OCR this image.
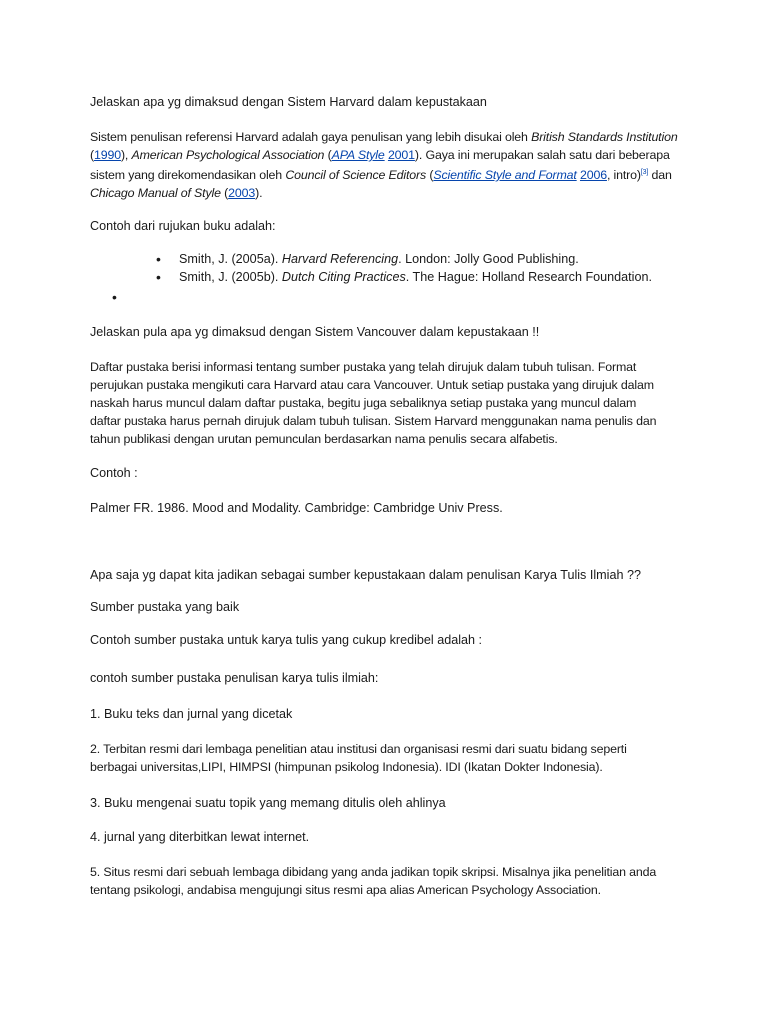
Jelaskan apa yg dimaksud dengan Sistem Harvard dalam kepustakaan

Sistem penulisan referensi Harvard adalah gaya penulisan yang lebih disukai oleh British Standards Institution (1990), American Psychological Association (APA Style 2001). Gaya ini merupakan salah satu dari beberapa sistem yang direkomendasikan oleh Council of Science Editors (Scientific Style and Format 2006, intro)[3] dan Chicago Manual of Style (2003).

Contoh dari rujukan buku adalah:

• Smith, J. (2005a). Harvard Referencing. London: Jolly Good Publishing.
• Smith, J. (2005b). Dutch Citing Practices. The Hague: Holland Research Foundation.
•

Jelaskan pula apa yg dimaksud dengan Sistem Vancouver dalam kepustakaan !!

Daftar pustaka berisi informasi tentang sumber pustaka yang telah dirujuk dalam tubuh tulisan. Format perujukan pustaka mengikuti cara Harvard atau cara Vancouver. Untuk setiap pustaka yang dirujuk dalam naskah harus muncul dalam daftar pustaka, begitu juga sebaliknya setiap pustaka yang muncul dalam daftar pustaka harus pernah dirujuk dalam tubuh tulisan. Sistem Harvard menggunakan nama penulis dan tahun publikasi dengan urutan pemunculan berdasarkan nama penulis secara alfabetis.

Contoh :

Palmer FR. 1986. Mood and Modality. Cambridge: Cambridge Univ Press.

Apa saja yg dapat kita jadikan sebagai sumber kepustakaan dalam penulisan Karya Tulis Ilmiah ??

Sumber pustaka yang baik

Contoh sumber pustaka untuk karya tulis yang cukup kredibel adalah :

contoh sumber pustaka penulisan karya tulis ilmiah:

1. Buku teks dan jurnal yang dicetak

2. Terbitan resmi dari lembaga penelitian atau institusi dan organisasi resmi dari suatu bidang seperti berbagai universitas,LIPI, HIMPSI (himpunan psikolog Indonesia). IDI (Ikatan Dokter Indonesia).

3. Buku mengenai suatu topik yang memang ditulis oleh ahlinya

4. jurnal yang diterbitkan lewat internet.

5. Situs resmi dari sebuah lembaga dibidang yang anda jadikan topik skripsi. Misalnya jika penelitian anda tentang psikologi, andabisa mengujungi situs resmi apa alias American Psychology Association.
